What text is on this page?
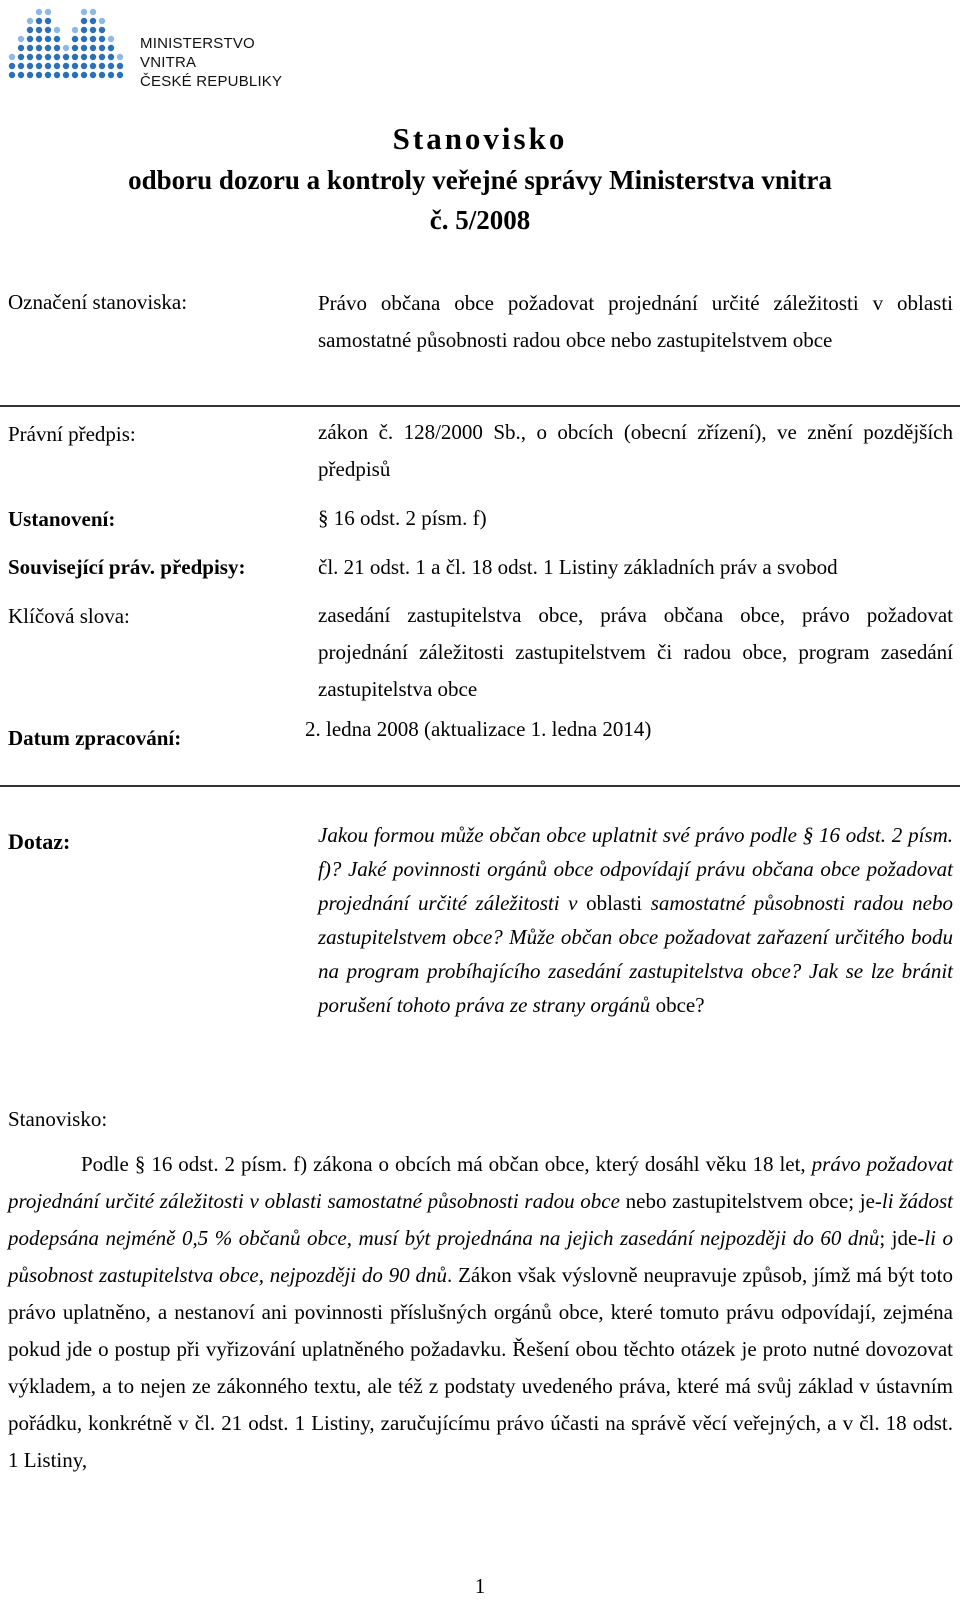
MINISTERSTVO VNITRA
ČESKÉ REPUBLIKY
Stanovisko
odboru dozoru a kontroly veřejné správy Ministerstva vnitra
č. 5/2008
Označení stanoviska:	Právo občana obce požadovat projednání určité záležitosti v oblasti samostatné působnosti radou obce nebo zastupitelstvem obce
Právní předpis:	zákon č. 128/2000 Sb., o obcích (obecní zřízení), ve znění pozdějších předpisů
Ustanovení:	§ 16 odst. 2 písm. f)
Související práv. předpisy:	čl. 21 odst. 1 a čl. 18 odst. 1 Listiny základních práv a svobod
Klíčová slova:	zasedání zastupitelstva obce, práva občana obce, právo požadovat projednání záležitosti zastupitelstvem či radou obce, program zasedání zastupitelstva obce
Datum zpracování:	2. ledna 2008 (aktualizace 1. ledna 2014)
Dotaz:	Jakou formou může občan obce uplatnit své právo podle § 16 odst. 2 písm. f)? Jaké povinnosti orgánů obce odpovídají právu občana obce požadovat projednání určité záležitosti v oblasti samostatné působnosti radou nebo zastupitelstvem obce? Může občan obce požadovat zařazení určitého bodu na program probíhajícího zasedání zastupitelstva obce? Jak se lze bránit porušení tohoto práva ze strany orgánů obce?
Stanovisko:
Podle § 16 odst. 2 písm. f) zákona o obcích má občan obce, který dosáhl věku 18 let, právo požadovat projednání určité záležitosti v oblasti samostatné působnosti radou obce nebo zastupitelstvem obce; je-li žádost podepsána nejméně 0,5 % občanů obce, musí být projednána na jejich zasedání nejpozději do 60 dnů; jde-li o působnost zastupitelstva obce, nejpozději do 90 dnů. Zákon však výslovně neupravuje způsob, jímž má být toto právo uplatněno, a nestanoví ani povinnosti příslušných orgánů obce, které tomuto právu odpovídají, zejména pokud jde o postup při vyřizování uplatněného požadavku. Řešení obou těchto otázek je proto nutné dovozovat výkladem, a to nejen ze zákonného textu, ale též z podstaty uvedeného práva, které má svůj základ v ústavním pořádku, konkrétně v čl. 21 odst. 1 Listiny, zaručujícímu právo účasti na správě věcí veřejných, a v čl. 18 odst. 1 Listiny,
1
